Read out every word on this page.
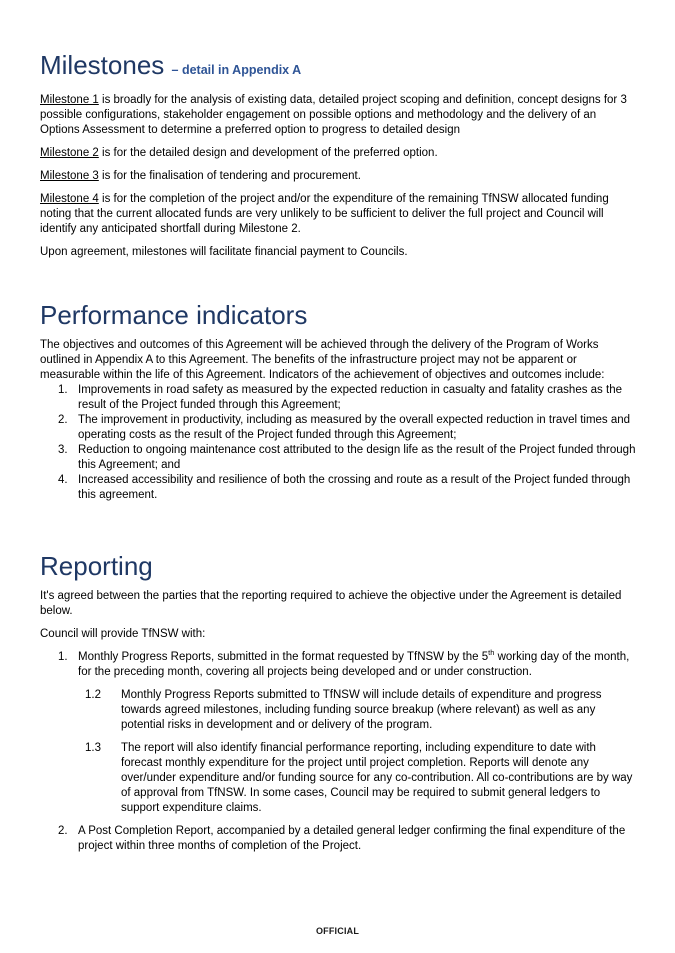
Milestones – detail in Appendix A

Milestone 1 is broadly for the analysis of existing data, detailed project scoping and definition, concept designs for 3 possible configurations, stakeholder engagement on possible options and methodology and the delivery of an Options Assessment to determine a preferred option to progress to detailed design

Milestone 2 is for the detailed design and development of the preferred option.

Milestone 3 is for the finalisation of tendering and procurement.

Milestone 4 is for the completion of the project and/or the expenditure of the remaining TfNSW allocated funding noting that the current allocated funds are very unlikely to be sufficient to deliver the full project and Council will identify any anticipated shortfall during Milestone 2.

Upon agreement, milestones will facilitate financial payment to Councils.

Performance indicators

The objectives and outcomes of this Agreement will be achieved through the delivery of the Program of Works outlined in Appendix A to this Agreement. The benefits of the infrastructure project may not be apparent or measurable within the life of this Agreement. Indicators of the achievement of objectives and outcomes include:

1. Improvements in road safety as measured by the expected reduction in casualty and fatality crashes as the result of the Project funded through this Agreement;
2. The improvement in productivity, including as measured by the overall expected reduction in travel times and operating costs as the result of the Project funded through this Agreement;
3. Reduction to ongoing maintenance cost attributed to the design life as the result of the Project funded through this Agreement; and
4. Increased accessibility and resilience of both the crossing and route as a result of the Project funded through this agreement.
Reporting

It's agreed between the parties that the reporting required to achieve the objective under the Agreement is detailed below.

Council will provide TfNSW with:

1. Monthly Progress Reports, submitted in the format requested by TfNSW by the 5th working day of the month, for the preceding month, covering all projects being developed and or under construction.
1.2	Monthly Progress Reports submitted to TfNSW will include details of expenditure and progress towards agreed milestones, including funding source breakup (where relevant) as well as any potential risks in development and or delivery of the program.
1.3	The report will also identify financial performance reporting, including expenditure to date with forecast monthly expenditure for the project until project completion. Reports will denote any over/under expenditure and/or funding source for any co-contribution. All co-contributions are by way of approval from TfNSW. In some cases, Council may be required to submit general ledgers to support expenditure claims.
2. A Post Completion Report, accompanied by a detailed general ledger confirming the final expenditure of the project within three months of completion of the Project.
OFFICIAL
